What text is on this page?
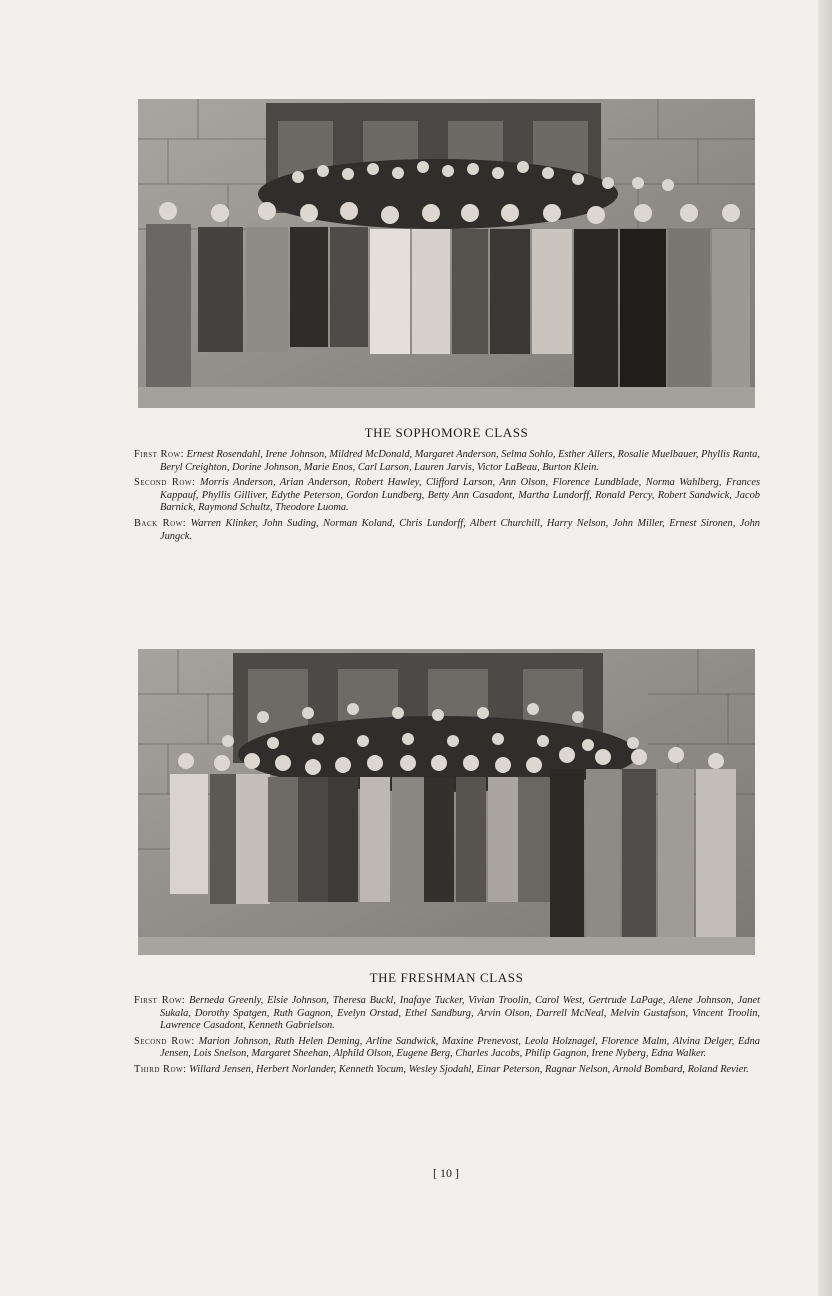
THE SOPHOMORE CLASS

First Row: Ernest Rosendahl, Irene Johnson, Mildred McDonald, Margaret Anderson, Selma Sohlo, Esther Allers, Rosalie Muelbauer, Phyllis Ranta, Beryl Creighton, Dorine Johnson, Marie Enos, Carl Larson, Lauren Jarvis, Victor LaBeau, Burton Klein.

Second Row: Morris Anderson, Arian Anderson, Robert Hawley, Clifford Larson, Ann Olson, Florence Lundblade, Norma Wahlberg, Frances Kappauf, Phyllis Gilliver, Edythe Peterson, Gordon Lundberg, Betty Ann Casadont, Martha Lundorff, Ronald Percy, Robert Sandwick, Jacob Barnick, Raymond Schultz, Theodore Luoma.

Back Row: Warren Klinker, John Suding, Norman Koland, Chris Lundorff, Albert Churchill, Harry Nelson, John Miller, Ernest Sironen, John Jungck.

THE FRESHMAN CLASS

First Row: Berneda Greenly, Elsie Johnson, Theresa Buckl, Inafaye Tucker, Vivian Troolin, Carol West, Gertrude LaPage, Alene Johnson, Janet Sukala, Dorothy Spatgen, Ruth Gagnon, Evelyn Orstad, Ethel Sandburg, Arvin Olson, Darrell McNeal, Melvin Gustafson, Vincent Troolin, Lawrence Casadont, Kenneth Gabrielson.

Second Row: Marion Johnson, Ruth Helen Deming, Arline Sandwick, Maxine Prenevost, Leola Holznagel, Florence Malm, Alvina Delger, Edna Jensen, Lois Snelson, Margaret Sheehan, Alphild Olson, Eugene Berg, Charles Jacobs, Philip Gagnon, Irene Nyberg, Edna Walker.

Third Row: Willard Jensen, Herbert Norlander, Kenneth Yocum, Wesley Sjodahl, Einar Peterson, Ragnar Nelson, Arnold Bombard, Roland Revier.

[ 10 ]
